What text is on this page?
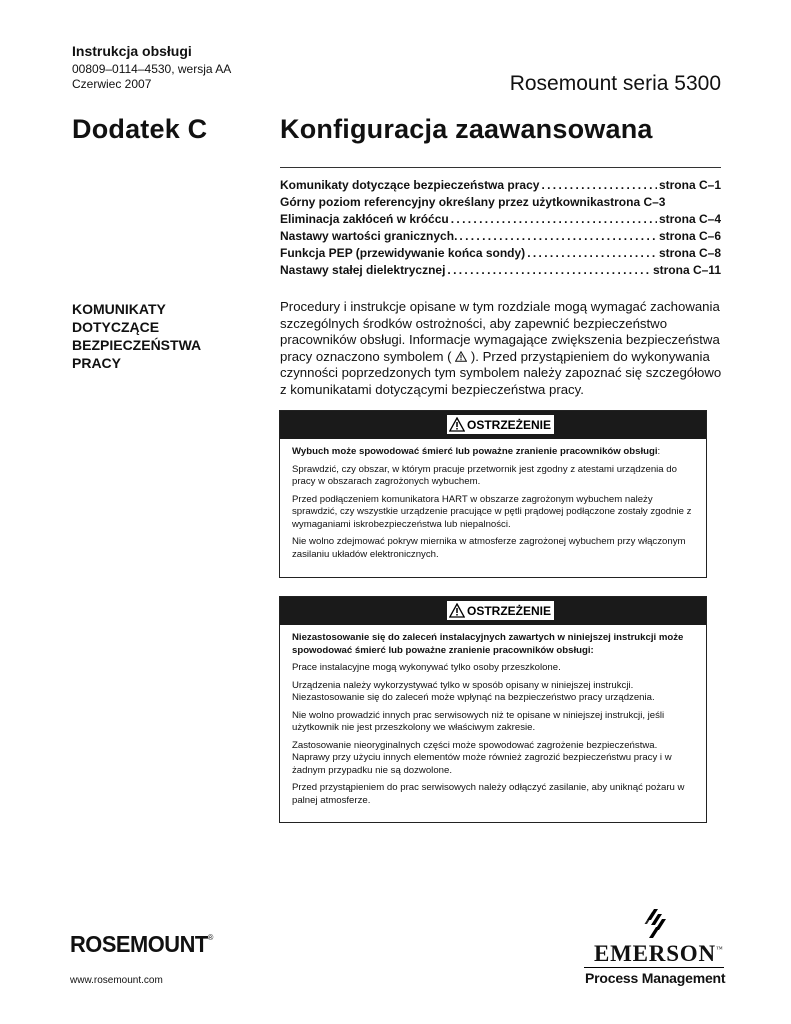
Instrukcja obsługi
00809–0114–4530, wersja AA
Czerwiec 2007	Rosemount seria 5300
Dodatek C	Konfiguracja zaawansowana
Komunikaty dotyczące bezpieczeństwa pracy . . .	strona C–1
Górny poziom referencyjny określany przez użytkownika strona C–3
Eliminacja zakłóceń w króćcu . . .	strona C–4
Nastawy wartości granicznych. . . .	strona C–6
Funkcja PEP (przewidywanie końca sondy) . . .	strona C–8
Nastawy stałej dielektrycznej . . .	strona C–11
KOMUNIKATY
DOTYCZĄCE
BEZPIECZEŃSTWA
PRACY
Procedury i instrukcje opisane w tym rozdziale mogą wymagać zachowania szczególnych środków ostrożności, aby zapewnić bezpieczeństwo pracowników obsługi. Informacje wymagające zwiększenia bezpieczeństwa pracy oznaczono symbolem (  ). Przed przystąpieniem do wykonywania czynności poprzedzonych tym symbolem należy zapoznać się szczegółowo z komunikatami dotyczącymi bezpieczeństwa pracy.
OSTRZEŻENIE

Wybuch może spowodować śmierć lub poważne zranienie pracowników obsługi:

Sprawdzić, czy obszar, w którym pracuje przetwornik jest zgodny z atestami urządzenia do pracy w obszarach zagrożonych wybuchem.

Przed podłączeniem komunikatora HART w obszarze zagrożonym wybuchem należy sprawdzić, czy wszystkie urządzenie pracujące w pętli prądowej podłączone zostały zgodnie z wymaganiami iskrobezpieczeństwa lub niepalności.

Nie wolno zdejmować pokryw miernika w atmosferze zagrożonej wybuchem przy włączonym zasilaniu układów elektronicznych.

OSTRZEŻENIE

Niezastosowanie się do zaleceń instalacyjnych zawartych w niniejszej instrukcji może spowodować śmierć lub poważne zranienie pracowników obsługi:

Prace instalacyjne mogą wykonywać tylko osoby przeszkolone.

Urządzenia należy wykorzystywać tylko w sposób opisany w niniejszej instrukcji. Niezastosowanie się do zaleceń może wpłynąć na bezpieczeństwo pracy urządzenia.

Nie wolno prowadzić innych prac serwisowych niż te opisane w niniejszej instrukcji, jeśli użytkownik nie jest przeszkolony we właściwym zakresie.

Zastosowanie nieoryginalnych części może spowodować zagrożenie bezpieczeństwa. Naprawy przy użyciu innych elementów może również zagrozić bezpieczeństwu pracy i w żadnym przypadku nie są dozwolone.

Przed przystąpieniem do prac serwisowych należy odłączyć zasilanie, aby uniknąć pożaru w palnej atmosferze.

ROSEMOUNT®
www.rosemount.com
EMERSON™
Process Management
